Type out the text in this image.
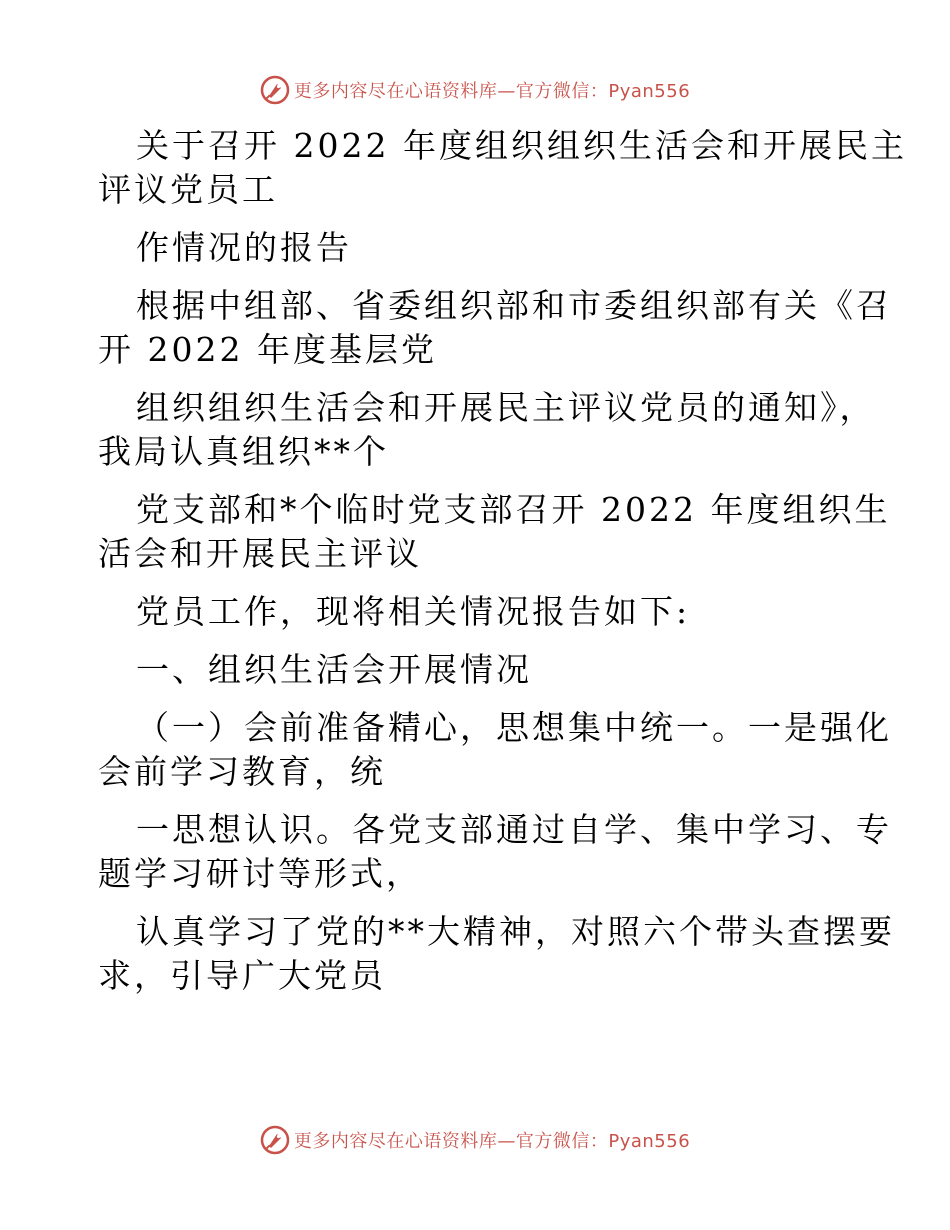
更多内容尽在心语资料库—官方微信：Pyan556

关于召开 2022 年度组织组织生活会和开展民主

评议党员工

作情况的报告

根据中组部、省委组织部和市委组织部有关《召

开 2022 年度基层党

组织组织生活会和开展民主评议党员的通知》，

我局认真组织**个

党支部和*个临时党支部召开 2022 年度组织生

活会和开展民主评议

党员工作，现将相关情况报告如下:

一、组织生活会开展情况

（一）会前准备精心，思想集中统一。一是强化

会前学习教育，统

一思想认识。各党支部通过自学、集中学习、专

题学习研讨等形式，

认真学习了党的**大精神，对照六个带头查摆要

求，引导广大党员

更多内容尽在心语资料库—官方微信：Pyan556
